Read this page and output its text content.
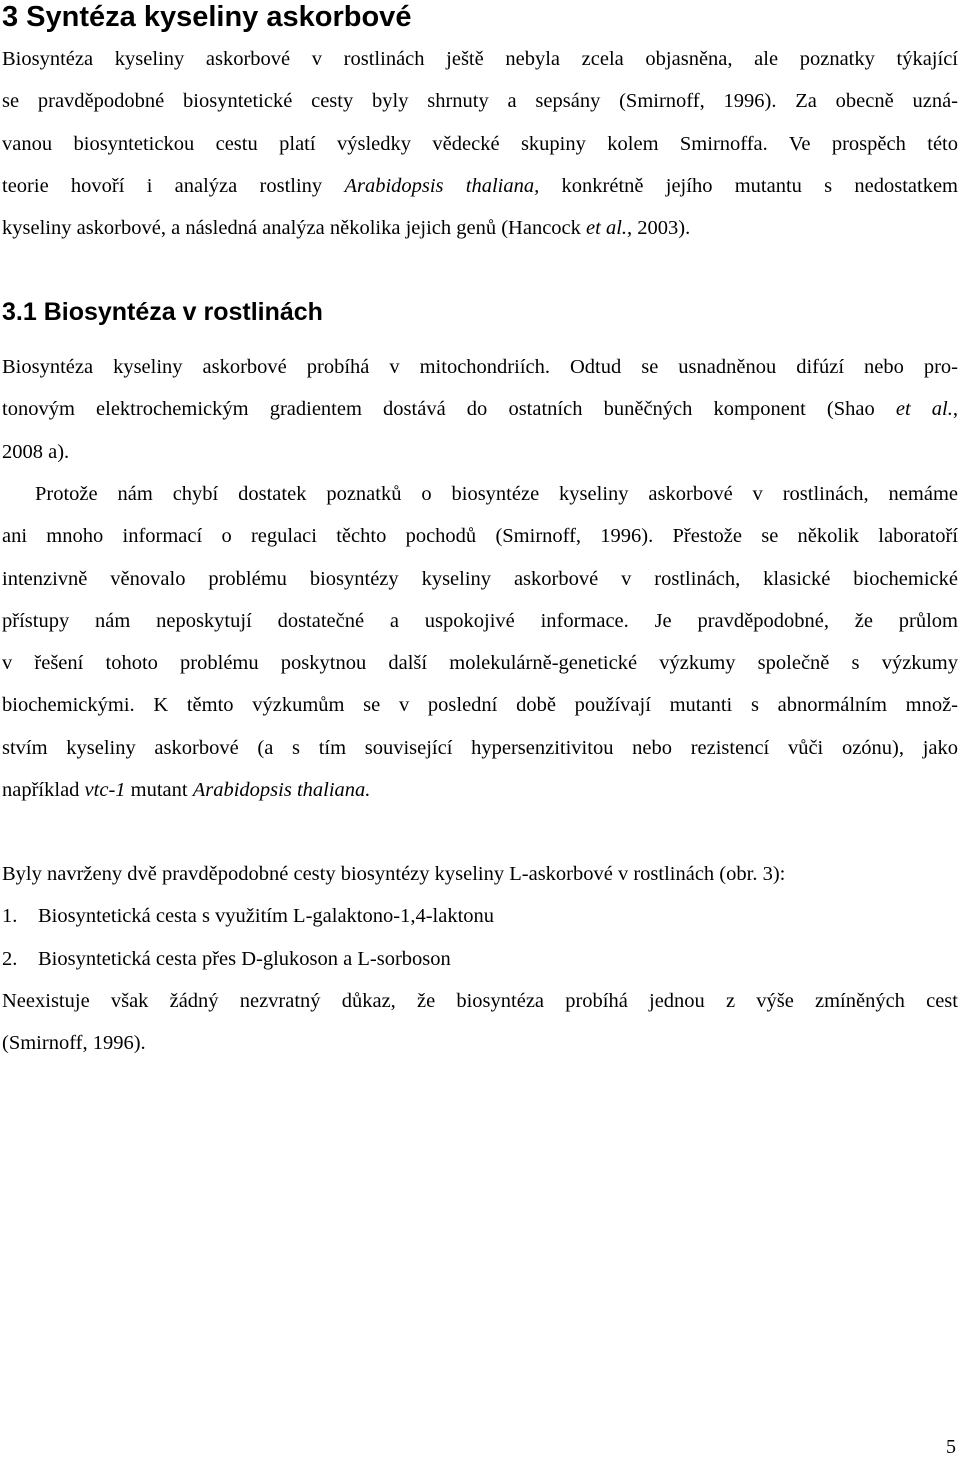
3 Syntéza kyseliny askorbové
Biosyntéza kyseliny askorbové v rostlinách ještě nebyla zcela objasněna, ale poznatky týkající
se pravděpodobné biosyntetické cesty byly shrnuty a sepsány (Smirnoff, 1996). Za obecně uzná-
vanou biosyntetickou cestu platí výsledky vědecké skupiny kolem Smirnoffa. Ve prospěch této
teorie hovoří i analýza rostliny Arabidopsis thaliana, konkrétně jejího mutantu s nedostatkem
kyseliny askorbové, a následná analýza několika jejich genů (Hancock et al., 2003).
3.1 Biosyntéza v rostlinách
Biosyntéza kyseliny askorbové probíhá v mitochondriích. Odtud se usnadněnou difúzí nebo pro-
tonovým elektrochemickým gradientem dostává do ostatních buněčných komponent (Shao et al.,
2008 a).
Protože nám chybí dostatek poznatků o biosyntéze kyseliny askorbové v rostlinách, nemáme
ani mnoho informací o regulaci těchto pochodů (Smirnoff, 1996). Přestože se několik laboratoří
intenzivně věnovalo problému biosyntézy kyseliny askorbové v rostlinách, klasické biochemické
přístupy nám neposkytují dostatečné a uspokojivé informace. Je pravděpodobné, že průlom
v řešení tohoto problému poskytnou další molekulárně-genetické výzkumy společně s výzkumy
biochemickými. K těmto výzkumům se v poslední době používají mutanti s abnormálním množ-
stvím kyseliny askorbové (a s tím související hypersenzitivitou nebo rezistencí vůči ozónu), jako
například vtc-1 mutant Arabidopsis thaliana.
Byly navrženy dvě pravděpodobné cesty biosyntézy kyseliny L-askorbové v rostlinách (obr. 3):
1. Biosyntetická cesta s využitím L-galaktono-1,4-laktonu
2. Biosyntetická cesta přes D-glukoson a L-sorboson
Neexistuje však žádný nezvratný důkaz, že biosyntéza probíhá jednou z výše zmíněných cest
(Smirnoff, 1996).
5
